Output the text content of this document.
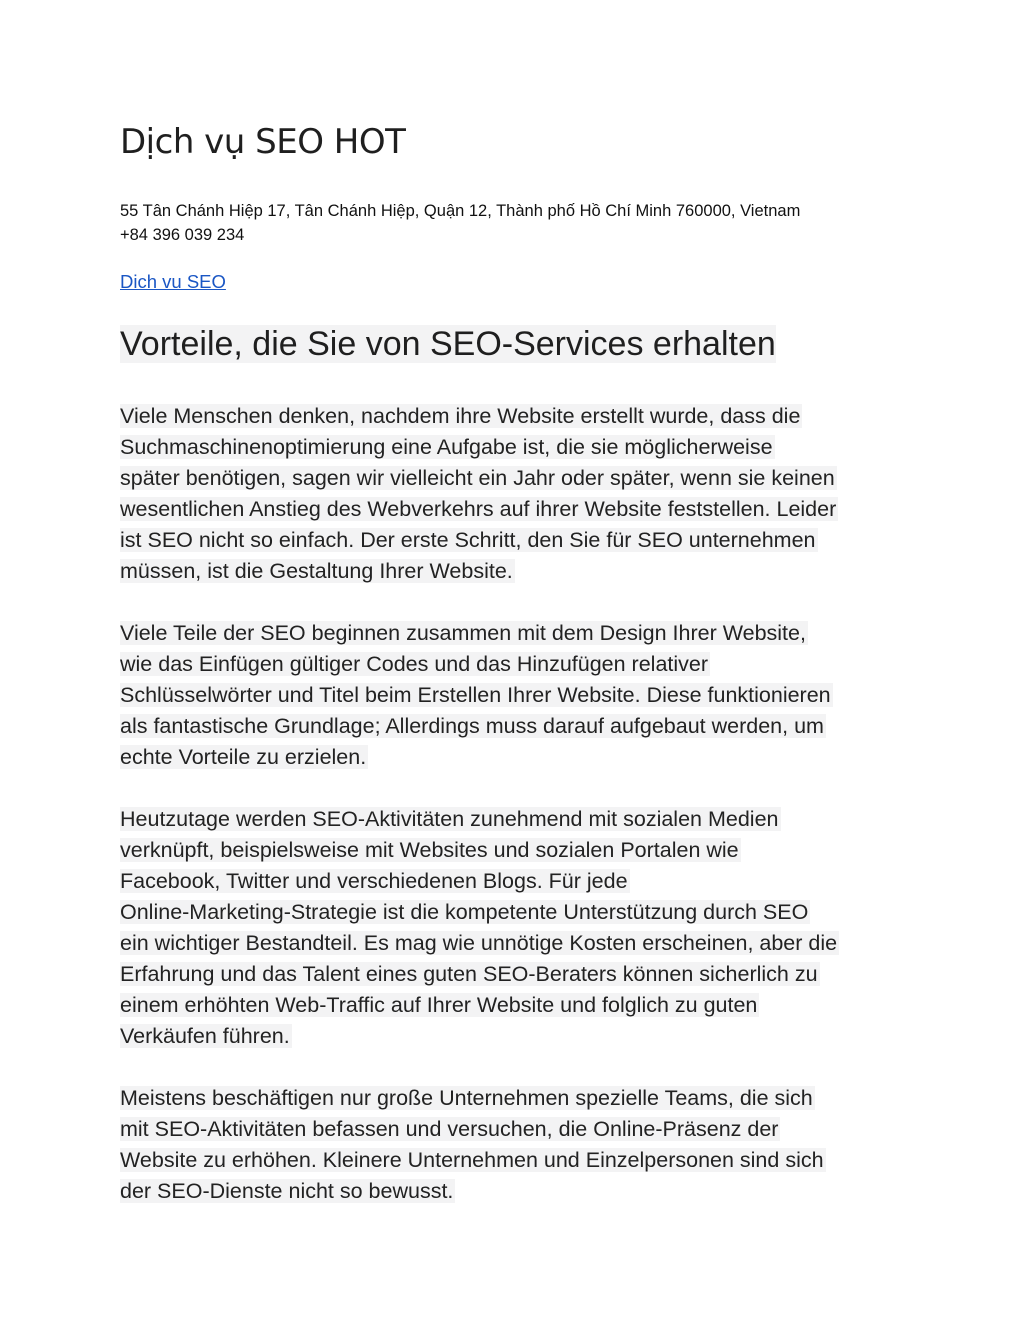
Dịch vụ SEO HOT
55 Tân Chánh Hiệp 17, Tân Chánh Hiệp, Quận 12, Thành phố Hồ Chí Minh 760000, Vietnam
+84 396 039 234
Dich vu SEO
Vorteile, die Sie von SEO-Services erhalten
Viele Menschen denken, nachdem ihre Website erstellt wurde, dass die
Suchmaschinenoptimierung eine Aufgabe ist, die sie möglicherweise
später benötigen, sagen wir vielleicht ein Jahr oder später, wenn sie keinen
wesentlichen Anstieg des Webverkehrs auf ihrer Website feststellen. Leider
ist SEO nicht so einfach. Der erste Schritt, den Sie für SEO unternehmen
müssen, ist die Gestaltung Ihrer Website.
Viele Teile der SEO beginnen zusammen mit dem Design Ihrer Website,
wie das Einfügen gültiger Codes und das Hinzufügen relativer
Schlüsselwörter und Titel beim Erstellen Ihrer Website. Diese funktionieren
als fantastische Grundlage; Allerdings muss darauf aufgebaut werden, um
echte Vorteile zu erzielen.
Heutzutage werden SEO-Aktivitäten zunehmend mit sozialen Medien
verknüpft, beispielsweise mit Websites und sozialen Portalen wie
Facebook, Twitter und verschiedenen Blogs. Für jede
Online-Marketing-Strategie ist die kompetente Unterstützung durch SEO
ein wichtiger Bestandteil. Es mag wie unnötige Kosten erscheinen, aber die
Erfahrung und das Talent eines guten SEO-Beraters können sicherlich zu
einem erhöhten Web-Traffic auf Ihrer Website und folglich zu guten
Verkäufen führen.
Meistens beschäftigen nur große Unternehmen spezielle Teams, die sich
mit SEO-Aktivitäten befassen und versuchen, die Online-Präsenz der
Website zu erhöhen. Kleinere Unternehmen und Einzelpersonen sind sich
der SEO-Dienste nicht so bewusst.
